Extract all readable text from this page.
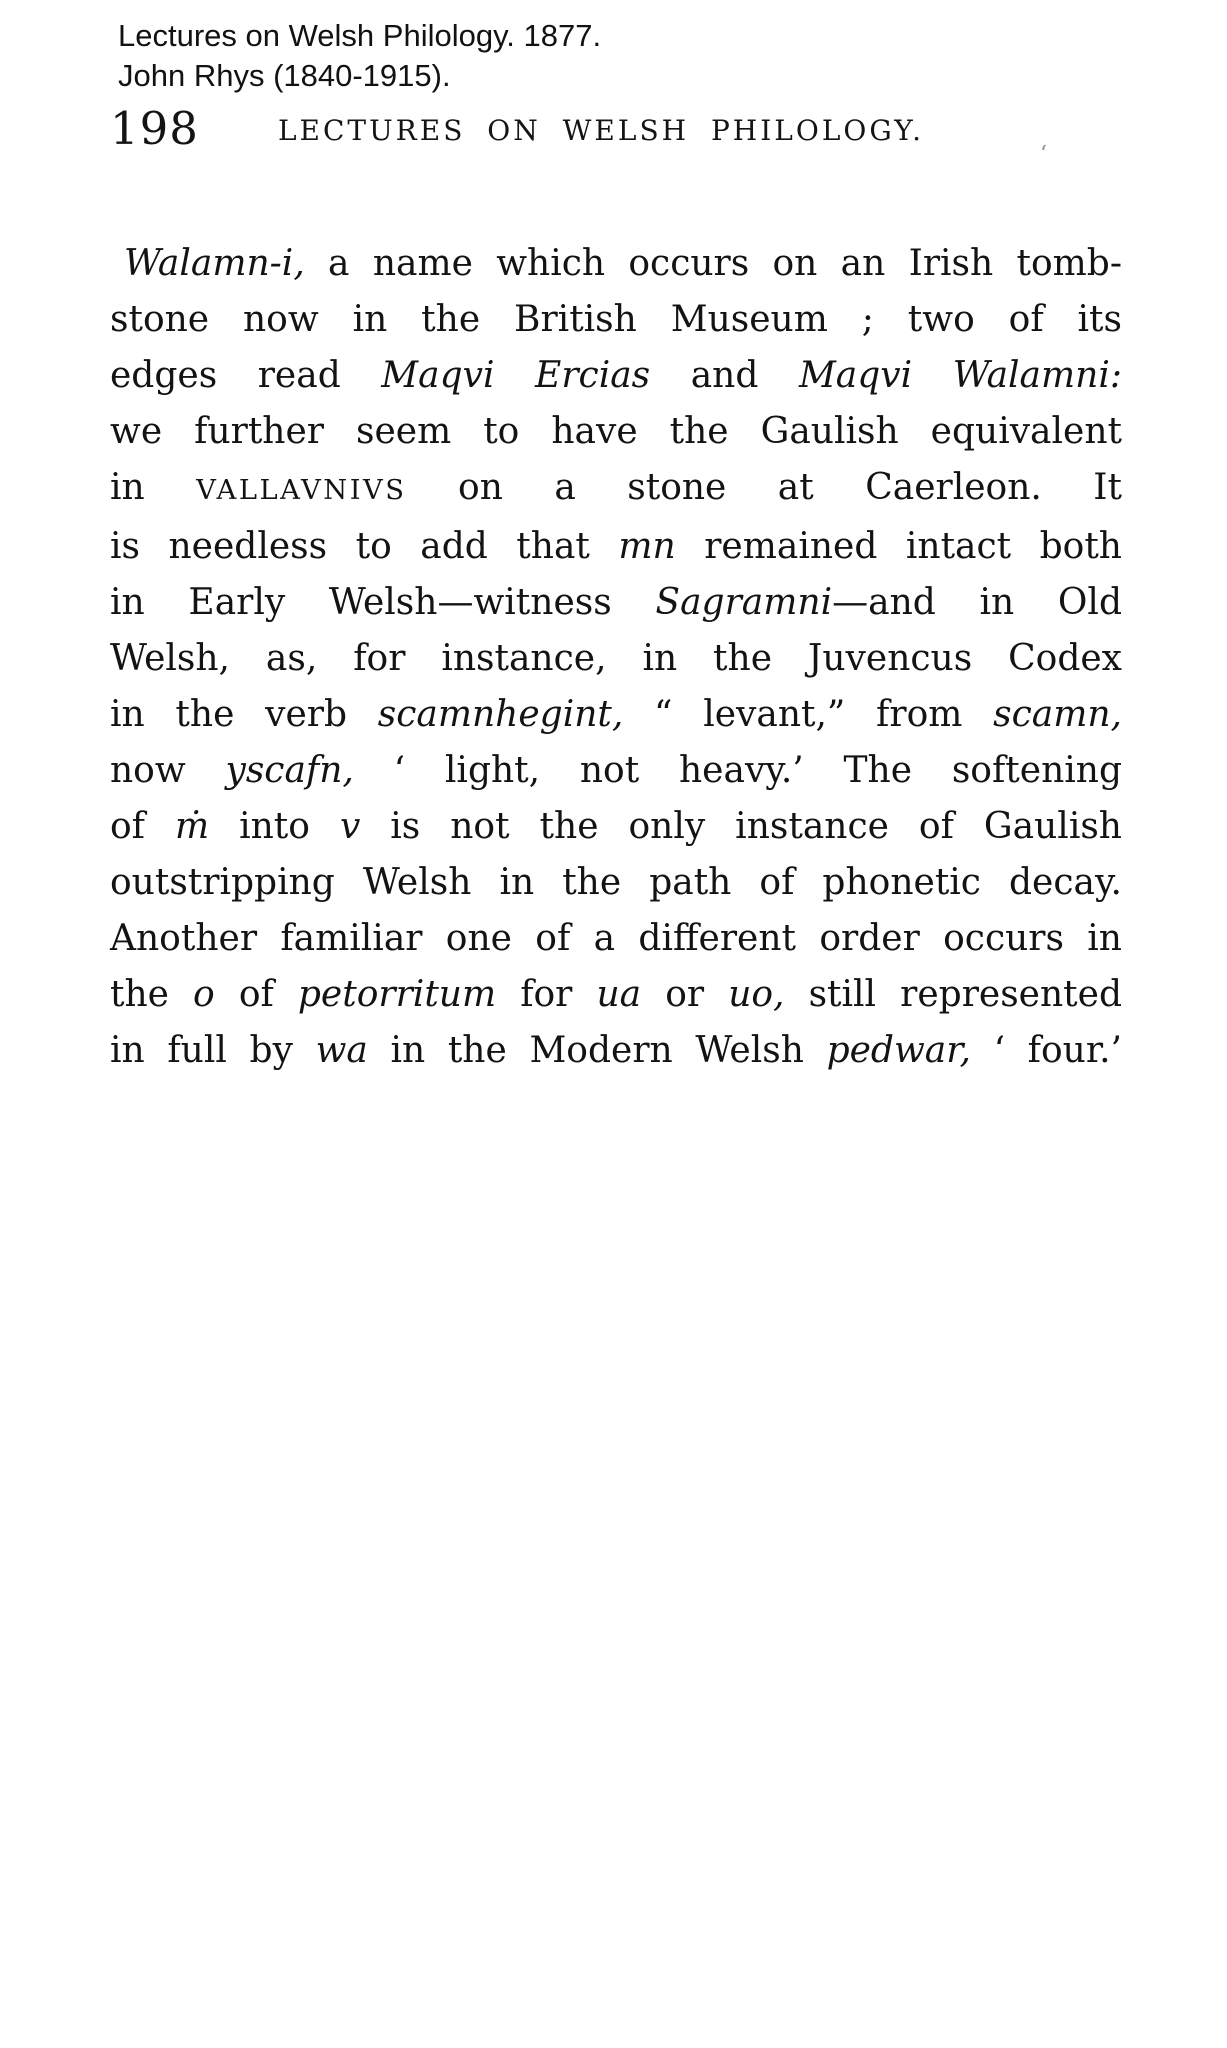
Lectures on Welsh Philology. 1877.
John Rhys (1840-1915).
198	LECTURES ON WELSH PHILOLOGY.
ʻ
Walamn-i, a name which occurs on an Irish tomb-
stone now in the British Museum ; two of its
edges read Maqvi Ercias and Maqvi Walamni:
we further seem to have the Gaulish equivalent
in VALLAVNIVS on a stone at Caerleon. It
is needless to add that mn remained intact both
in Early Welsh—witness Sagramni—and in Old
Welsh, as, for instance, in the Juvencus Codex
in the verb scamnhegint, “ levant,” from scamn,
now yscafn, ‘ light, not heavy.’ The softening
of ṁ into v is not the only instance of Gaulish
outstripping Welsh in the path of phonetic decay.
Another familiar one of a different order occurs in
the o of petorritum for ua or uo, still represented
in full by wa in the Modern Welsh pedwar, ‘ four.’
